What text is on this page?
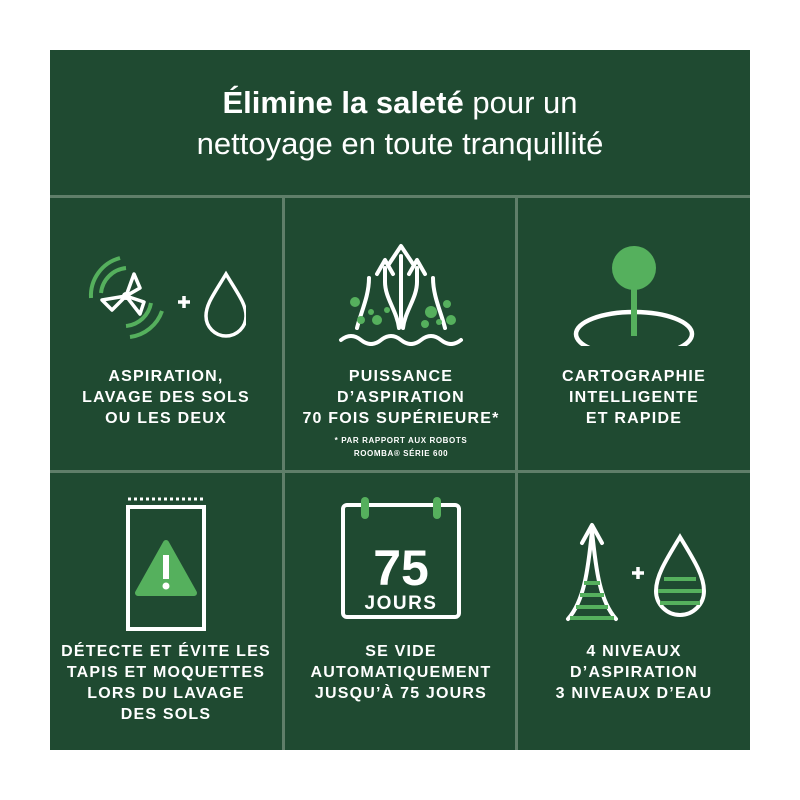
Élimine la saleté pour un
nettoyage en toute tranquillité
ASPIRATION,
LAVAGE DES SOLS
OU LES DEUX
PUISSANCE
D’ASPIRATION
70 FOIS SUPÉRIEURE*
* PAR RAPPORT AUX ROBOTS
ROOMBA® SÉRIE 600
CARTOGRAPHIE
INTELLIGENTE
ET RAPIDE
DÉTECTE ET ÉVITE LES
TAPIS ET MOQUETTES
LORS DU LAVAGE
DES SOLS
75
JOURS
SE VIDE
AUTOMATIQUEMENT
JUSQU’À 75 JOURS
4 NIVEAUX
D’ASPIRATION
3 NIVEAUX D’EAU
